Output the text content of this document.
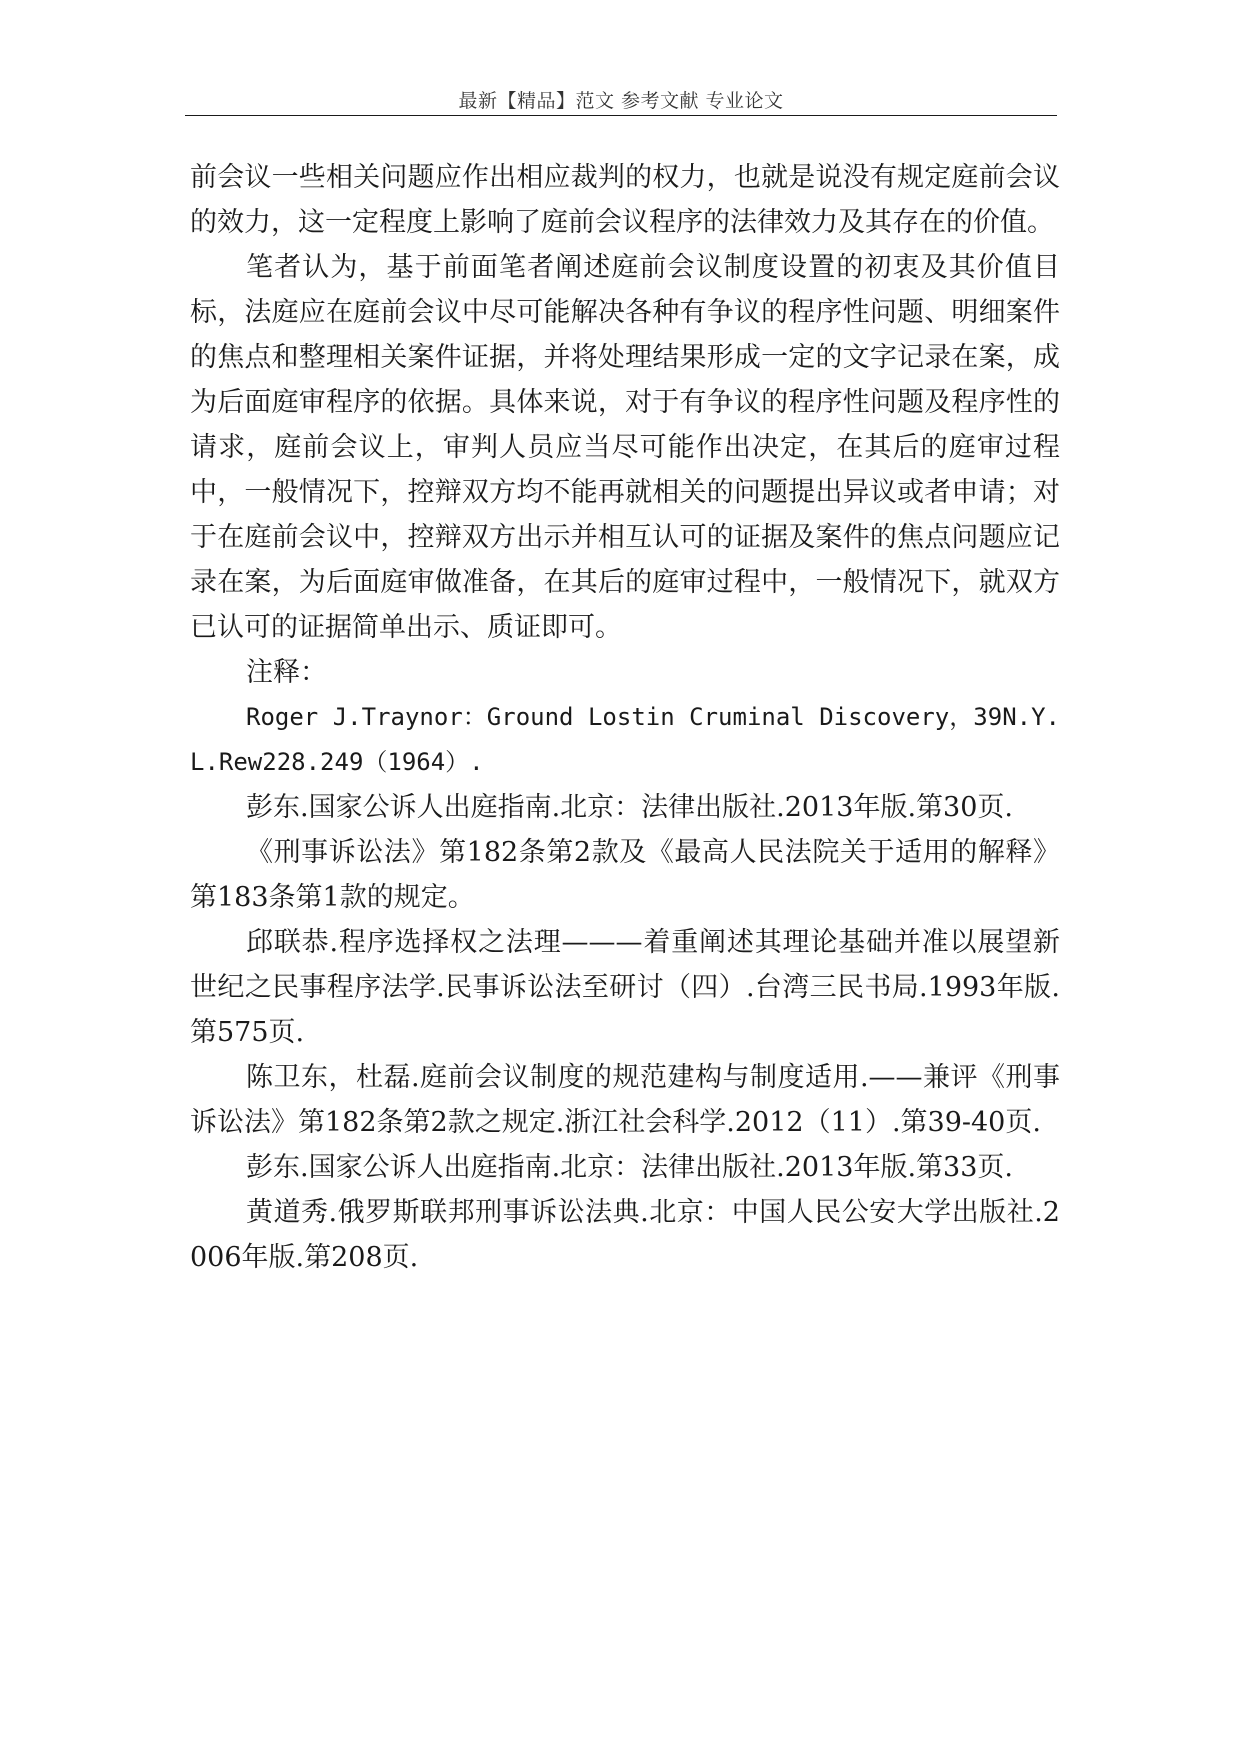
最新【精品】范文 参考文献 专业论文

前会议一些相关问题应作出相应裁判的权力，也就是说没有规定庭前会议的效力，这一定程度上影响了庭前会议程序的法律效力及其存在的价值。

笔者认为，基于前面笔者阐述庭前会议制度设置的初衷及其价值目标，法庭应在庭前会议中尽可能解决各种有争议的程序性问题、明细案件的焦点和整理相关案件证据，并将处理结果形成一定的文字记录在案，成为后面庭审程序的依据。具体来说，对于有争议的程序性问题及程序性的请求，庭前会议上，审判人员应当尽可能作出决定，在其后的庭审过程中，一般情况下，控辩双方均不能再就相关的问题提出异议或者申请；对于在庭前会议中，控辩双方出示并相互认可的证据及案件的焦点问题应记录在案，为后面庭审做准备，在其后的庭审过程中，一般情况下，就双方已认可的证据简单出示、质证即可。

注释：

Roger J.Traynor：Ground Lostin Cruminal Discovery，39N.Y.L.Rew228.249（1964）.

彭东.国家公诉人出庭指南.北京：法律出版社.2013年版.第30页.

《刑事诉讼法》第182条第2款及《最高人民法院关于适用的解释》第183条第1款的规定。

邱联恭.程序选择权之法理———着重阐述其理论基础并准以展望新世纪之民事程序法学.民事诉讼法至研讨（四）.台湾三民书局.1993年版.第575页.

陈卫东，杜磊.庭前会议制度的规范建构与制度适用.——兼评《刑事诉讼法》第182条第2款之规定.浙江社会科学.2012（11）.第39-40页.

彭东.国家公诉人出庭指南.北京：法律出版社.2013年版.第33页.

黄道秀.俄罗斯联邦刑事诉讼法典.北京：中国人民公安大学出版社.2006年版.第208页.
